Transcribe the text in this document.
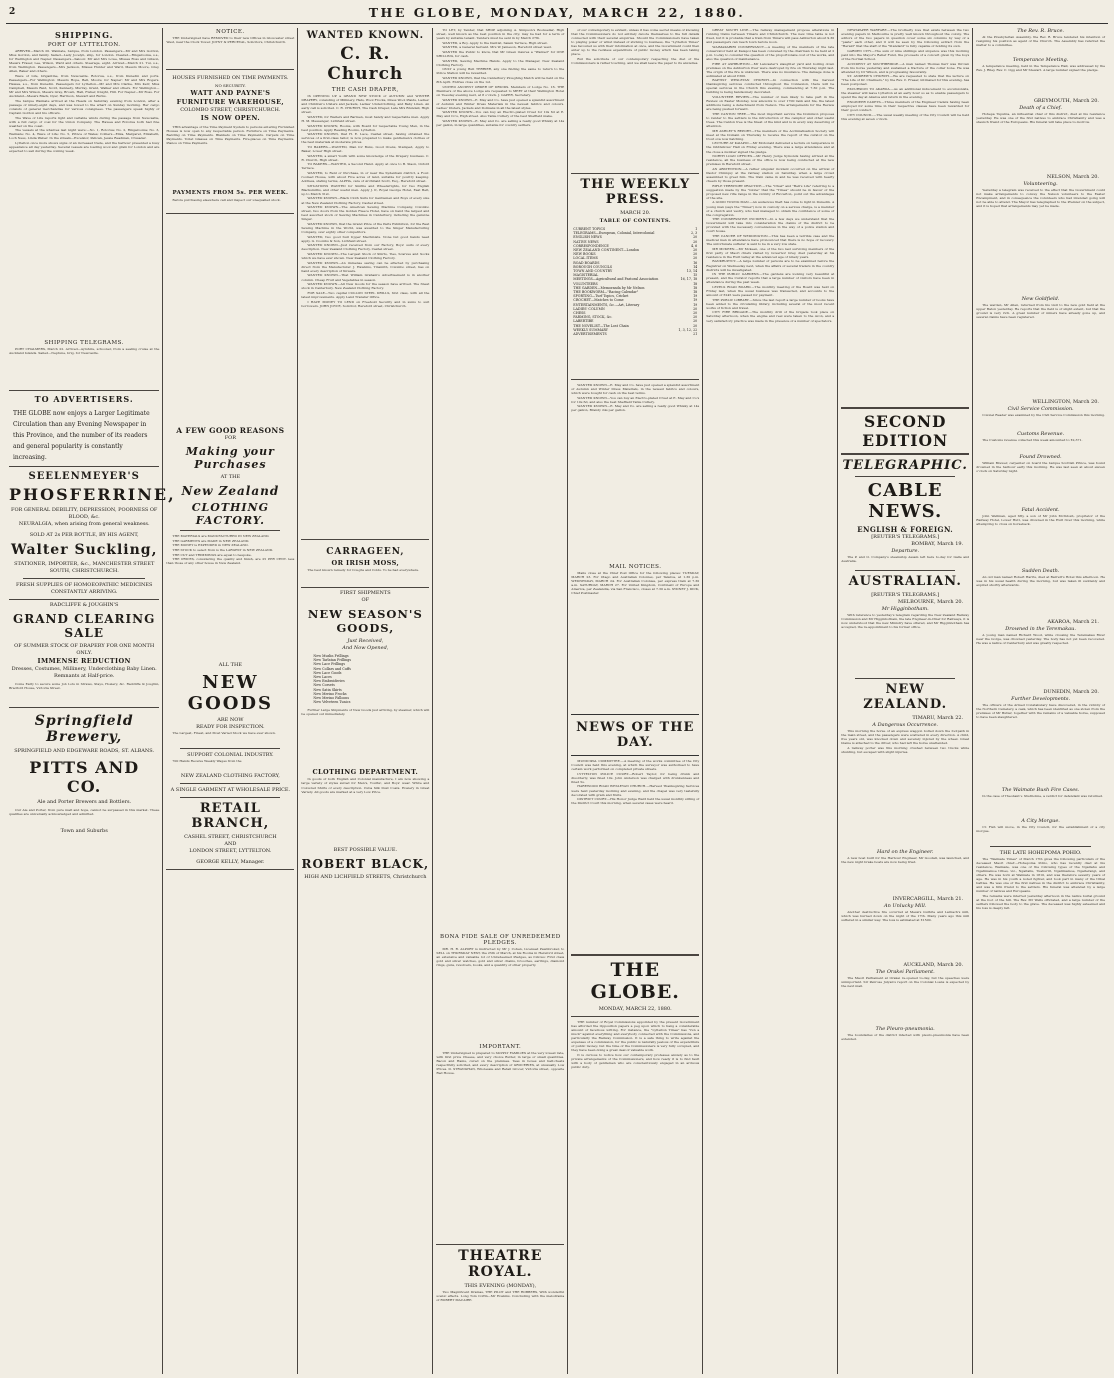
2	THE GLOBE, MONDAY, MARCH 22, 1880.
SHIPPING.
PORT OF LYTTELTON.

ARRIVED—March 20. Waimate, barque, from London. Passengers—Mr and Mrs Gordon, Miss Gordon, and family. Sailed—Lady Jocelyn, ship, for London. Cleared—Ringarooma, s.s., for Wellington and Napier. Passengers—Saloon: Mr and Mrs Lowe, Misses Ross and Gibson, Messrs Fraser, Lee, Wilson, Ward and others. Steerage, eight. Arrived—March 21. Tui, s.s., from Wellington. Passengers—Mrs Jackson, Misses Hunter and Ward, Messrs Moore, Grey, Allen, Baker and others.

Wave of Life, brigantine, from Newcastle. Rotorua, s.s., from Dunedin and ports. Passengers—For Wellington: Messrs Hope, Bell, Moore; for Napier: Mr and Mrs Rogers. Hawea, s.s., from Dunedin. Passengers for Lyttelton—Mr and Mrs Clarke, Mrs Kerr, Miss Campbell, Messrs Reid, Scott, Kennedy, Murray, Grant, Walker and others. For Wellington—Mr and Mrs Wilson, Messrs Gray, Brown, Hall, Fisher, Knight, Hill. For Napier—Mr Ross. For Auckland—Messrs Black, Dyer, Harrison, Stewart and Burns.

The barque Waimate arrived at the Heads on Saturday evening from London, after a passage of ninety-eight days, and was towed to the wharf on Sunday morning. Her cargo consists of general merchandise for various consignees. The passengers speak highly of Captain Gordon and his officers.

The Wave of Life reports light and variable winds during the passage from Newcastle, with a full cargo of coal for the Union Company. The Hawea and Rotorua both had fine weather on the coast.

The vessels at the wharves last night were:—No. 1, Rotorua; No. 2, Ringarooma; No. 3, Waimate; No. 4, Wave of Life; No. 5, Prince of Wales; Colliers—Eliza, Margaret, Elizabeth, Loch Ness, Linda Weber. In the stream—Excelsior, Pelican, Jessie Readman, Crusader.

Lyttelton once more shows signs of an increased trade, and the harbour presented a busy appearance all day yesterday. Several vessels are loading wool and grain for London and are expected to sail during the coming week.

SHIPPING TELEGRAMS.

PORT CHALMERS, March 22. Arrived—Ayrshire, schooner, from a sealing cruise at the Auckland Islands. Sailed—Neptune, brig, for Newcastle.

TO ADVERTISERS.
THE GLOBE now enjoys a Larger Legitimate Circulation than any Evening Newspaper in this Province, and the number of its readers and general popularity is constantly increasing.
SEELENMEYER'S
PHOSFERRINE,
FOR GENERAL DEBILITY, DEPRESSION, POORNESS OF BLOOD, &c.
NEURALGIA, when arising from general weakness.
SOLD AT 2s PER BOTTLE, BY HIS AGENT,
Walter Suckling,
STATIONER, IMPORTER, &c., MANCHESTER STREET SOUTH, CHRISTCHURCH.
FRESH SUPPLIES OF HOMOEOPATHIC MEDICINES CONSTANTLY ARRIVING.
RADCLIFFE & JOUGHIN'S
GRAND CLEARING SALE
OF SUMMER STOCK OF DRAPERY FOR ONE MONTH ONLY.
IMMENSE REDUCTION
Dresses, Costumes, Millinery, Underclothing Baby Linen.
Remnants at Half-price.

Come Early to secure some Job Lots in Straws, Stays, Hosiery, &c. Radcliffe & Joughin, Bradford House, Victoria Street.

Springfield Brewery,
SPRINGFIELD AND EDGEWARE ROADS, ST. ALBANS.
PITTS AND CO.
Ale and Porter Brewers and Bottlers.

Our Ale and Porter, from pure malt and hops, cannot be surpassed in this market. These qualities are universally acknowledged and admitted.

Town and Suburbs
NOTICE.

THE Undersigned have REMOVED to their new Offices in Gloucester street West, near the Clock Tower. JOYNT & PERCEVAL, Solicitors, Christchurch.

HOUSES FURNISHED ON TIME PAYMENTS.
NO SECURITY.
WATT AND PAYNE'S
FURNITURE WAREHOUSE,
COLOMBO STREET, CHRISTCHURCH.
IS NOW OPEN.

THIS advantage of the Time Payment System to persons entering Furnished Houses is now open to any respectable person. Furniture on Time Payments. Bedding on Time Payments. Blankets on Time Payments. Carpets on Time Payments. Toilet Glasses on Time Payments. Fire-places on Time Payments. Pianos on Time Payments.

PAYMENTS FROM 5s. PER WEEK.

Before purchasing elsewhere call and inspect our unequalled stock.

A FEW GOOD REASONS
FOR
Making your Purchases
AT THE
New Zealand
CLOTHING FACTORY.

THE MATERIALS are MANUFACTURED IN NEW ZEALAND.

THE GARMENTS are MADE in NEW ZEALAND.

THE MONEY is EXPENDED in NEW ZEALAND.

THE STOCK to select from is the LARGEST in NEW ZEALAND.

THE CUT and TRIMMINGS are equal to bespoke.

THE PRICES, considering the quality and finish, are 25 PER CENT. less than those of any other house in New Zealand.

ALL THE
NEW GOODS
ARE NOW
READY FOR INSPECTION.

The Largest, Finest, and Most Varied Stock we have ever shown.

SUPPORT COLONIAL INDUSTRY.

700 Hands Receive Weekly Wages from the

NEW ZEALAND CLOTHING FACTORY,
A SINGLE GARMENT AT WHOLESALE PRICE.
RETAIL BRANCH,
CASHEL STREET, CHRISTCHURCH
AND
LONDON STREET, LYTTELTON.
GEORGE KELLY, Manager.
WANTED KNOWN.
C. R. Church
THE CASH DRAPER,

IS OPENING UP a GRAND NEW STOCK of AUTUMN and WINTER DRAPERY, consisting of Millinery, Hats, Wool Frocks, Dress Wool Plaids, Ladies' and Children's Ulsters and Jackets, Ladies' Underclothing, and Baby Linen. An early call is solicited. C. R. CHURCH, The Cash Draper, Late Mrs Blundell, High street.

WANTED, for Waiters and Barmen, most handy and respectable men. Apply H. M. Messenger, Lichfield street.

WANTED KNOWN, Rooms, with Board for respectable Young Men, in the best position. Apply Reading Rooms, Lyttelton.

WANTED KNOWN, that H. E. Lace, Cashel street, having obtained the services of a first-class tailor, is now prepared to make gentlemen's clothes of the best materials at moderate prices.

TO BAKERS.—WANTED, Man for Buns, Good Ovens, Stamped, Apply to Baker, Lower High street.

WANTED, a smart Youth with some knowledge of the Drapery business. C. R. Church, High street.

TO BAKERS.—WANTED, a Second Hand. Apply at once to B. Slaon, Oxford Terrace.

WANTED, to Rent or Purchase, in or near the Sydenham district, a Four-roomed House, with about Five acres of land, suitable for poultry keeping. Address, stating terms, ALPHA, care of Archibald Scott, Esq., Hereford street.

SITUATIONS WANTED for Smiths and Wheelwrights, for two English Blacksmiths, and other useful men. Apply J. P., Royal George Hotel, East Belt, up to March 31st.

WANTED KNOWN—Black Cloth Suits for Gentlemen and Boys of every size at the New Zealand Clothing Factory, Cashel street.

WANTED KNOWN—The American Sewing Machine Company, Colombo street, two doors from the Golden Fleece Hotel, have on hand the largest and best assorted stock of Sewing Machines in Canterbury, including the genuine Singer.

WANTED KNOWN, that the Grand Prize of the Paris Exhibition, for the Best Sewing Machine in the World, was awarded to the Singer Manufacturing Company, over eighty other competitors.

WANTED, two good Suit Upper Machinists. None but good hands need apply. G. Coombs & Son, Lichfield street.

WANTED KNOWN—Just received from our Factory, Boys' suits of every description. New Zealand Clothing Factory, Cashel street.

WANTED KNOWN—The Largest Stock of Shirts, Ties, Scarves and Socks which we have ever shown. New Zealand Clothing Factory.

WANTED KNOWN—An immense saving can be effected by purchasing direct from the Manufacturer. J. Hawkins, Tinsmith, Colombo street, has on hand every description of tinware.

WANTED KNOWN—That William Graham's Advertisement is in another column. Cheap Fruit and Vegetables in season.

WANTED KNOWN—All New Goods for the season have arrived. The finest stock in Canterbury. New Zealand Clothing Factory.

FOR SALE—Two capital COLLON STEEL DRILLS, first class, with all the latest improvements. Apply Land Transfer Office.

I HAVE MONEY TO LEND on Freehold Security and in sums to suit borrowers. JOHN JOYCE, Solicitor, Hereford street, Christchurch.

CARRAGEEN,
OR IRISH MOSS,

The best known remedy for Coughs and Colds. To be had everywhere.

FIRST SHIPMENTS
OF
NEW SEASON'S GOODS,
Just Received,
And Now Opened,
New Muslin Frillings
New Tarlatan Frillings
New Lace Frillings
New Collars and Cuffs
New Lace Goods
New Laces
New Embroideries
New Corsets
New Satin Skirts
New Merino Frocks
New Merino Falloons
New Velveteen Tunics

Further Large Shipments of New Goods just arriving, by steamer, which will be opened out immediately.

CLOTHING DEPARTMENT.

In goods of both English and Colonial manufacture, I am now showing a large variety of styles suited for Men's, Youths', and Boys' wear. White and Coloured Shirts of every description. Cuba Silk Dust Coats. Hosiery in Great Variety. All goods are marked at a very Low Price.

BEST POSSIBLE VALUE.
ROBERT BLACK,
HIGH AND LICHFIELD STREETS, Christchurch

TO LET, by Tender, that SHOP adjoining A. Simpson's Bookseller, High street, well known as the best position in the city; may be had for a term of years by suitable tenant. Tenders must be sent in by March 27th.

WANTED, a Boy. Apply to the Dentist, Salem Terrace, High street.

WANTED, a General Servant. Mrs W. Jameson, Hereford street west.

WANTED the Public to know, that Mr Green insures a "Wanted" for ONE SHILLING, for cash.

WANTED, Sewing Machine Hands. Apply to the Manager, New Zealand Clothing Factory.

ONLY a young Bull TERRIER, any one finding the same to return to the Police Station will be rewarded.

WANTED KNOWN, that the Canterbury Ploughing Match will be held on the 8th April. Entries close on the 1st.

UNITED ANCIENT ORDER OF DRUIDS. Members of Lodge No. 16. THE Members of the above Lodge are requested to MEET at their Wellington Hotel on Tuesday evening next, at 8 o'clock. J. GAPER, Secretary.

WANTED KNOWN—E. May and Co. have just opened a splendid assortment of Autumn and Winter Dress Materials in the newest fabrics and colours. Ladies' Ulsters, Jackets and Dolmans in all the latest styles.

WANTED KNOWN—You can buy an Electro-plated Cruet for 10s 6d at E. May and Co's, High street. Also Table Cutlery of the best Sheffield make.

WANTED KNOWN—E. May and Co. are selling a really good Whisky at 14s per gallon, in large quantities, suitable for country settlers.

BONA FIDE SALE OF UNREDEEMED PLEDGES.

MR. H. R. ALPORT is instructed by Mr J. Cohen, Licensed Pawnbroker, to SELL on THURSDAY NEXT, the 25th of March, at his Rooms in Hereford street, an extensive and valuable lot of Unredeemed Pledges, as follows: First class gold and silver watches, gold and silver chains, brooches, earrings, diamond rings, guns, revolvers, books, and a quantity of other property.

IMPORTANT.

THE Undersigned is prepared to SUPPLY FAMILIES at the very lowest rate, with first price Cheese, and very choice Butter, in large or small quantities. Bacon and Hams, cured on the premises. Teas in boxes and half-chests respectfully solicited, and every description of GROCERIES, at unusually Low Prices. D. STRANGHAN, Wholesale and Retail Grocer, Victoria street, opposite Red House.

THEATRE ROYAL.
THIS EVENING (MONDAY),

Two Magnificent Dramas, THE PILOT and THE ROBBERS, With wonderful scenic effects. Long Tom Coffin—Mr Hoskins. Concluding with the melodrama of ROBERT MACAIRE.

of our contemporary is evident, unless it has come secret means of knowing that the Commissioners do not entirely devote themselves to the full details connected with their several enquiries. Should the Commissioners have taken to playing poker or whist instead of sticking to business, the "Lyttelton Times" has favoured us with their information at once, and the Government could then enter up to the reckless expenditure of public money which has been taking place.

But the solicitude of our contemporary respecting the diet of the Commissioners is rather touching, and we shall leave the paper to its anxieties.

THE WEEKLY PRESS.
MARCH 20.
TABLE OF CONTENTS.
CURRENT TOPICS	1
TELEGRAMS—European, Colonial, Intercolonial	2, 3
ENGLISH NEWS	20
NATIVE NEWS	20
CORRESPONDENCE	4, 6
NEW ZEALAND CONTINENT—London	20
NEW BOOKS	20
LOCAL ITEMS	20
ROAD BOARDS	16
BOROUGH COUNCILS	14
TOWN AND COUNTRY	13, 14
MAGISTERIAL	15
MEETINGS—Agricultural and Pastoral Association	16, 17, 18
VOLUNTEERS	18
THE GARDEN—Memoranda by Mr Nelson	18
THE BOOKWORM—"Racing Calendar"	18
SPORTING—Turf Topics, Cricket	19
CROCHET—Matches to Come	19
ENTERTAINMENTS, &c.—Art, Literary	19
LADIES' COLUMN	20
CHESS	20
FARMING, STOCK, &c.	20
LABERTIBE	20
THE NOVELIST—The Lost Chain	20
WEEKLY SUMMARY	1, 3, 12, 22
ADVERTISEMENTS	21

WANTED KNOWN—E. May and Co. have just opened a splendid assortment of Autumn and Winter Dress Materials, in the newest fabrics and colours, which were bought for cash on the best terms.

WANTED KNOWN—You can buy an Electro-plated Cruet at E. May and Co's for 10s 6d, and also the best Sheffield Table Cutlery.

WANTED KNOWN—E. May and Co. are selling a really good Whisky at 14s per gallon, Brandy 24s per gallon.

MAIL NOTICES.

Mails close at the Chief Post Office for the following places: TUESDAY, MARCH 23. For Otago and Australian Colonies, per Taiaroa, at 1.30 p.m. WEDNESDAY, MARCH 24. For Australian Colonies, per express train at 7.30 a.m. SATURDAY, MARCH 27. For United Kingdom, Continent of Europe and America, per Zealandia, via San Francisco, closes at 7.30 a.m. SYDNEY J. DICK, Chief Postmaster.

NEWS OF THE DAY.

MUNICIPAL COMMITTEE.—A meeting of the works committee of the City Council was held this evening, at which the surveyor was authorised to have certain work performed on completed private streets.

LYTTELTON POLICE COURT.—Robert Taylor, for being drunk and disorderly, was fined 10s. John Anderson was charged with drunkenness and fined 5s.

HAREWOOD ROAD WESLEYAN CHURCH.—Harvest Thanksgiving Services were held yesterday morning and evening, and the chapel was very tastefully decorated with grain and fruits.

DISTRICT COURT.—His Honor Judge Ward held the usual monthly sitting of the District Court this morning, when several cases were heard.

THE GLOBE.
MONDAY, MARCH 22, 1880.

THE number of Royal Commissions appointed by the present Government has afforded the Opposition papers a peg upon which to hang a considerable amount of facetious writing. For instance, the "Lyttelton Times" has "run a muck" against everything and everybody connected with the Commissions, and particularly the Railway Commission. It is a safe thing to write against the expenses of a commission, for the public is naturally jealous of the expenditure of public money; but the time of the Commissioners is very fully occupied, and they have been doing a great deal of valuable work.

It is curious to notice how our contemporary professes anxiety as to the private arrangements of the Commissioners, and how ready it is to find fault with a body of gentlemen who are conscientiously engaged in an arduous public duty.

GREAT SOUTH LINE.—The railway management propose alterations in running trains between Timaru and Christchurch. The new time table is not fixed, but it is probable that a train from Timaru will pass Ashburton about 9.30 and passengers can reach town before noon.

WAIMAKARIRI CONSERVANCY.—A meeting of the members of the late conservator held at Kaiapoi has been convened by the chairman to be held at 2 p.m. to-day to consider the question of the proportionate cost of the works, and also the question of maintenance.

FIRE AT ASHBURTON.—Mr Lancaster's slaughter yard and boiling down premises on the Ashburton river were destroyed by fire on Thursday night last. The origin of the fire is unknown. There was no insurance. The damage done is estimated at about £300.

BAPTIST WESLEYAN CHURCH.—In connection with the harvest thanksgiving services conducted throughout the Connexion, there will be special services in the Church this evening, commencing at 7.30 p.m. The building is being handsomely decorated.

VOLUNTEER REVIEW.—The number of men likely to take part in the Review on Easter Monday, now amounts to over 1700 rank and file, the latest additions being a detachment from Nelson. The arrangements for the Review are being pushed forward.

THE CANTON TREE.—The most important service the Dominion proposes to render to the settlers is the introduction of the camphor and other useful trees. The Canton tree is the finest of the kind and is in every way deserving of attention.

MR ASHLEY'S REPORT.—The members of the Acclimatisation Society will meet at the Domain on Thursday to receive the report of the curator on the trout ova now hatching.

LECTURE AT KAIAPOI.—Mr Mcdonald delivered a lecture on temperance in the Oddfellows' Hall on Friday evening. There was a large attendance and at the close a number signed the pledge.

NORTH LOAN OFFICES.—Mr Henry Judge Symonds having arrived at the residence, all the business of the office is now being conducted at the new premises in Hereford street.

AN ABSTENTION.—A rather singular incident occurred on the arrival of Pastor Chiniquy at the railway station on Saturday, when a large crowd assembled to greet him. The train came in and he was received with hearty cheers by those present.

RIFLE TERRITORY PRACTICE.—The "Chief" and "Bell's Life" referring to a suggestion made by the "Globe" that the "Times" should be in favour of the proposed new rifle range in the vicinity of Riccarton, point out the advantages of the site.

A GOOD YOUNG MAN.—An audacious theft has come to light in Dunedin. A young man (says the "Times") now in custody on a serious charge, is a member of a church and vestry, who had managed to obtain the confidence of some of the congregation.

THE CONSERVATIVE INCIDENT.—In a few days we understand that the Government will take into consideration the claims of the district to be provided with the necessary conveniences in the way of a police station and court house.

THE CANCER OF WEDDINGTON.—This has been a terrible case and the medical men in attendance have pronounced that there is no hope of recovery. The unfortunate sufferer is said to be in a very low state.

MR MCKEEN.—Mr Mckeen, one of the two last surviving members of the first party of Maori chiefs visited by Governor Grey, died yesterday at his residence in the Hutt valley at the advanced age of ninety years.

BANKRUPTCY.—A large number of persons are to be examined before the Registrar on Wednesday next, when the affairs of several traders in the country districts will be investigated.

IN THE PUBLIC GARDENS.—The gardens are looking very beautiful at present, and the Curator reports that a large number of visitors have been in attendance during the past week.

LEVELS ROAD BOARD.—The monthly meeting of the Board was held on Friday last, when the usual business was transacted, and accounts to the amount of £245 were passed for payment.

THE PUBLIC LIBRARY.—Since the last report a large number of books have been added to the circulating library, including several of the most recent works of fiction and travel.

CITY FIRE BRIGADE.—The monthly drill of the brigade took place on Saturday afternoon, when the engine and reel were taken to the Avon, and a very satisfactory practice was made in the presence of a number of spectators.

NEWSPAPER WARFARE.—The brotherly love that exists between the two evening papers in Melbourne is pretty well known throughout the colony. The editors of the two papers in question cover some six columns by way of a "paste" each other, and it will be seen by the following extract from the "Herald" that the staff of the "Standard" is fully capable of holding its own.

GARDEN CITY.—The sum of nine shillings and sixpence was this morning paid into the Mayor's Relief Fund, the proceeds of a concert given by the boys of the Normal School.

ACCIDENT AT SOUTHBRIDGE.—A man named Thomas Kerr was thrown from his horse yesterday and sustained a fracture of the collar bone. He was attended by Dr Wilson, and is progressing favourably.

ST. ANDREW'S CHURCH.—We are requested to state that the lecture on "The Life of Dr. Chalmers," by the Rev. C. Fraser, intimated for this evening, has been postponed.

EXCURSION TO AKAROA.—As an additional inducement to excursionists, the steamer will leave Lyttelton at an early hour so as to enable passengers to spend the day at Akaroa and return in the evening.

ENGINEER CADETS.—Three members of the Engineer Cadets having been employed for some time in their respective classes have been rewarded for their good conduct.

CITY COUNCIL.—The usual weekly meeting of the City Council will be held this evening at seven o'clock.

SECOND EDITION
TELEGRAPHIC.
CABLE NEWS.
ENGLISH & FOREIGN.
[REUTER'S TELEGRAMS.]
BOMBAY, March 19.
Departure.

The P. and O. Company's steamship Assam left here to-day for Galle and Australia.

AUSTRALIAN.
[REUTER'S TELEGRAMS.]
MELBOURNE, March 20.
Mr Higginbotham.

With reference to yesterday's telegram regarding the New Zealand Railway Commission and Mr Higginbotham, the late Engineer-in-Chief for Railways, it is now understood that the new Ministry have offered, and Mr Higginbotham has accepted, the re-appointment to his former office.

NEW ZEALAND.
TIMARU, March 22.
A Dangerous Occurrence.

This morning the horse of an express waggon bolted down the footpath in the main street, and the passengers were scattered in every direction. A child, five years old, was knocked down and severely injured by the wheel. Great blame is attached to the driver, who had left the horse unattended.

A railway porter was this morning crushed between two trucks while shunting, but escaped with slight injuries.

Hard on the Engineer.

A new boat built for the Harbour Engineer, Mr Goodall, was launched, and the new night brake boats are now being tried.

INVERCARGILL, March 21.
An Unlucky Mill.

Another destructive fire occurred at Messrs Guthrie and Larnach's mill, which was burned down on the night of the 17th. Many years ago this mill suffered in a similar way. The loss is estimated at £1500.

AUCKLAND, March 20.
The Orakei Parliament.

The Maori Parliament at Orakei re-opened to-day, but the speeches were unimportant. Sir Penrose Julyan's report on the Colonial Loans is expected by the next mail.

The Pleuro-pneumonia.

The boundaries of the district infected with pleuro-pneumonia have been extended.

The Rev. R. Bruce.

At the Presbyterian Assembly, the Rev. R. Bruce tendered his intention of resigning his position as agent of the Church. The Assembly has referred the matter to a committee.

Temperance Meeting.

A temperance meeting, held in the Temperance Hall, was addressed by the Rev. J. Riley, Rev. C. Ogg and Mr Stewart. A large number signed the pledge.

GREYMOUTH, March 20.
Death of a Chief.

Hohepa Tupuhia, an influential chief of this district, died at his residence yesterday. He was one of the first natives to embrace Christianity and was a staunch friend of the Europeans. His funeral will take place to-morrow.

NELSON, March 20.
Volunteering.

Yesterday a telegram was received to the effect that the Government could not make arrangements to convey the Nelson volunteers to the Easter Encampment, and in consequence the volunteers who had intended going will not be able to attend. The Mayor has telegraphed to the Premier on the subject, and it is hoped that arrangements may yet be made.

New Goldfield.

The warden, Mr Allen, returned from his visit to the new gold field at the upper Baton yesterday. He reports that the field is of slight extent, but that the ground is very rich. A great number of miners have already gone up, and several claims have been registered.

WELLINGTON, March 20.
Civil Service Commission.

Colonel Reader was examined by the Civil Service Commission this morning.

Customs Revenue.

The Customs revenue collected this week amounted to £2,371.

Found Drowned.

William Brewer, carpenter on board the barque Scottish Prince, was found drowned in the harbour early this morning. He was last seen at about eleven o'clock on Saturday night.

Fatal Accident.

John Wellman, aged fifty, a son of Mr John McIntosh, proprietor of the Railway Hotel, Lower Hutt, was drowned in the Hutt river this morning, while attempting to cross on horseback.

Sudden Death.

An old man named Robert Harris, died at Barrett's Hotel this afternoon. He was in his usual health during the morning, but was taken ill suddenly and expired shortly afterwards.

AKAROA, March 21.
Drowned in the Teremakau.

A young man named Richard Wood, while crossing the Teremakau River near the Gorge, was drowned yesterday. The body has not yet been recovered. He was a native of Canterbury and was greatly respected.

DUNEDIN, March 20.
Further Developments.

The officers of the Armed Constabulary have discovered, in the vicinity of the Northern Cemetery, a cask, which has been identified as one stolen from the premises of Mr Butler, together with the remains of a valuable horse, supposed to have been slaughtered.

The Waimate Bush Fire Cases.

In the case of Theobald v. Studholme, a verdict for defendant was returned.

A City Morgue.

Cr. Fish will move, in the City Council, for the establishment of a city morgue.

THE LATE HOHEPOMA POHIO.

The "Waimate Times" of March 17th gives the following particulars of the deceased Maori chief:—Hohepoma Pohio, who has recently died at his residence, Waimate, was one of the following types of the Ngaitahu and Ngatimamoe tribes, viz., Ngaitahu, Tuahuriri, Ngatimamoe, Ngaiterangi, and others. He was born at Waimate in 1810, and was therefore seventy years of age. He was in his youth a noted fighter, and took part in many of the tribal battles. He was one of the first natives in the district to embrace Christianity, and was a firm friend to the settlers. His funeral was attended by a large number of natives and Europeans.

The remains were interred yesterday afternoon in the native burial ground at the foot of the hill. The Rev. Mr Wells officiated, and a large number of the settlers followed the body to the grave. The deceased was highly esteemed and his loss is deeply felt.
